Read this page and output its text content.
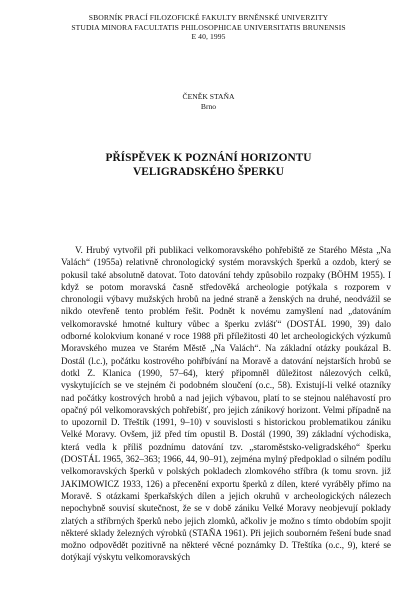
SBORNÍK PRACÍ FILOZOFICKÉ FAKULTY BRNĚNSKÉ UNIVERZITY
STUDIA MINORA FACULTATIS PHILOSOPHICAE UNIVERSITATIS BRUNENSIS
E 40, 1995
ČENĚK STAŇA
Brno
PŘÍSPĚVEK K POZNÁNÍ HORIZONTU
VELIGRADSKÉHO ŠPERKU

V. Hrubý vytvořil při publikaci velkomoravského pohřebiště ze Starého Města „Na Valách“ (1955a) relativně chronologický systém moravských šperků a ozdob, který se pokusil také absolutně datovat. Toto datování tehdy způsobilo rozpaky (BÖHM 1955). I když se potom moravská časně středověká archeologie potýkala s rozporem v chronologii výbavy mužských hrobů na jedné straně a ženských na druhé, neodvážil se nikdo otevřeně tento problém řešit. Podnět k novému zamyšlení nad „datováním velkomoravské hmotné kultury vůbec a šperku zvlášť“ (DOSTÁL 1990, 39) dalo odborné kolokvium konané v roce 1988 při příležitosti 40 let archeologických výzkumů Moravského muzea ve Starém Městě „Na Valách“. Na základní otázky poukázal B. Dostál (l.c.), počátku kostrového pohřbívání na Moravě a datování nejstarších hrobů se dotkl Z. Klanica (1990, 57–64), který připomněl důležitost nálezových celků, vyskytujících se ve stejném či podobném sloučení (o.c., 58). Existují-li velké otazníky nad počátky kostrových hrobů a nad jejich výbavou, platí to se stejnou naléhavostí pro opačný pól velkomoravských pohřebišť, pro jejich zánikový horizont. Velmi případně na to upozornil D. Třeštík (1991, 9–10) v souvislosti s historickou problematikou zániku Velké Moravy. Ovšem, již před tím opustil B. Dostál (1990, 39) základní východiska, která vedla k příliš pozdnímu datování tzv. „staroměstsko-veligradského“ šperku (DOSTÁL 1965, 362–363; 1966, 44, 90–91), zejména mylný předpoklad o silném podílu velkomoravských šperků v polských pokladech zlomkového stříbra (k tomu srovn. již JAKIMOWICZ 1933, 126) a přecenění exportu šperků z dílen, které vyráběly přímo na Moravě. S otázkami šperkařských dílen a jejich okruhů v archeologických nálezech nepochybně souvisí skutečnost, že se v době zániku Velké Moravy neobjevují poklady zlatých a stříbrných šperků nebo jejich zlomků, ačkoliv je možno s tímto obdobím spojit některé sklady železných výrobků (STAŇA 1961). Při jejich souborném řešení bude snad možno odpovědět pozitivně na některé věcné poznámky D. Třeštíka (o.c., 9), které se dotýkají výskytu velkomoravských
